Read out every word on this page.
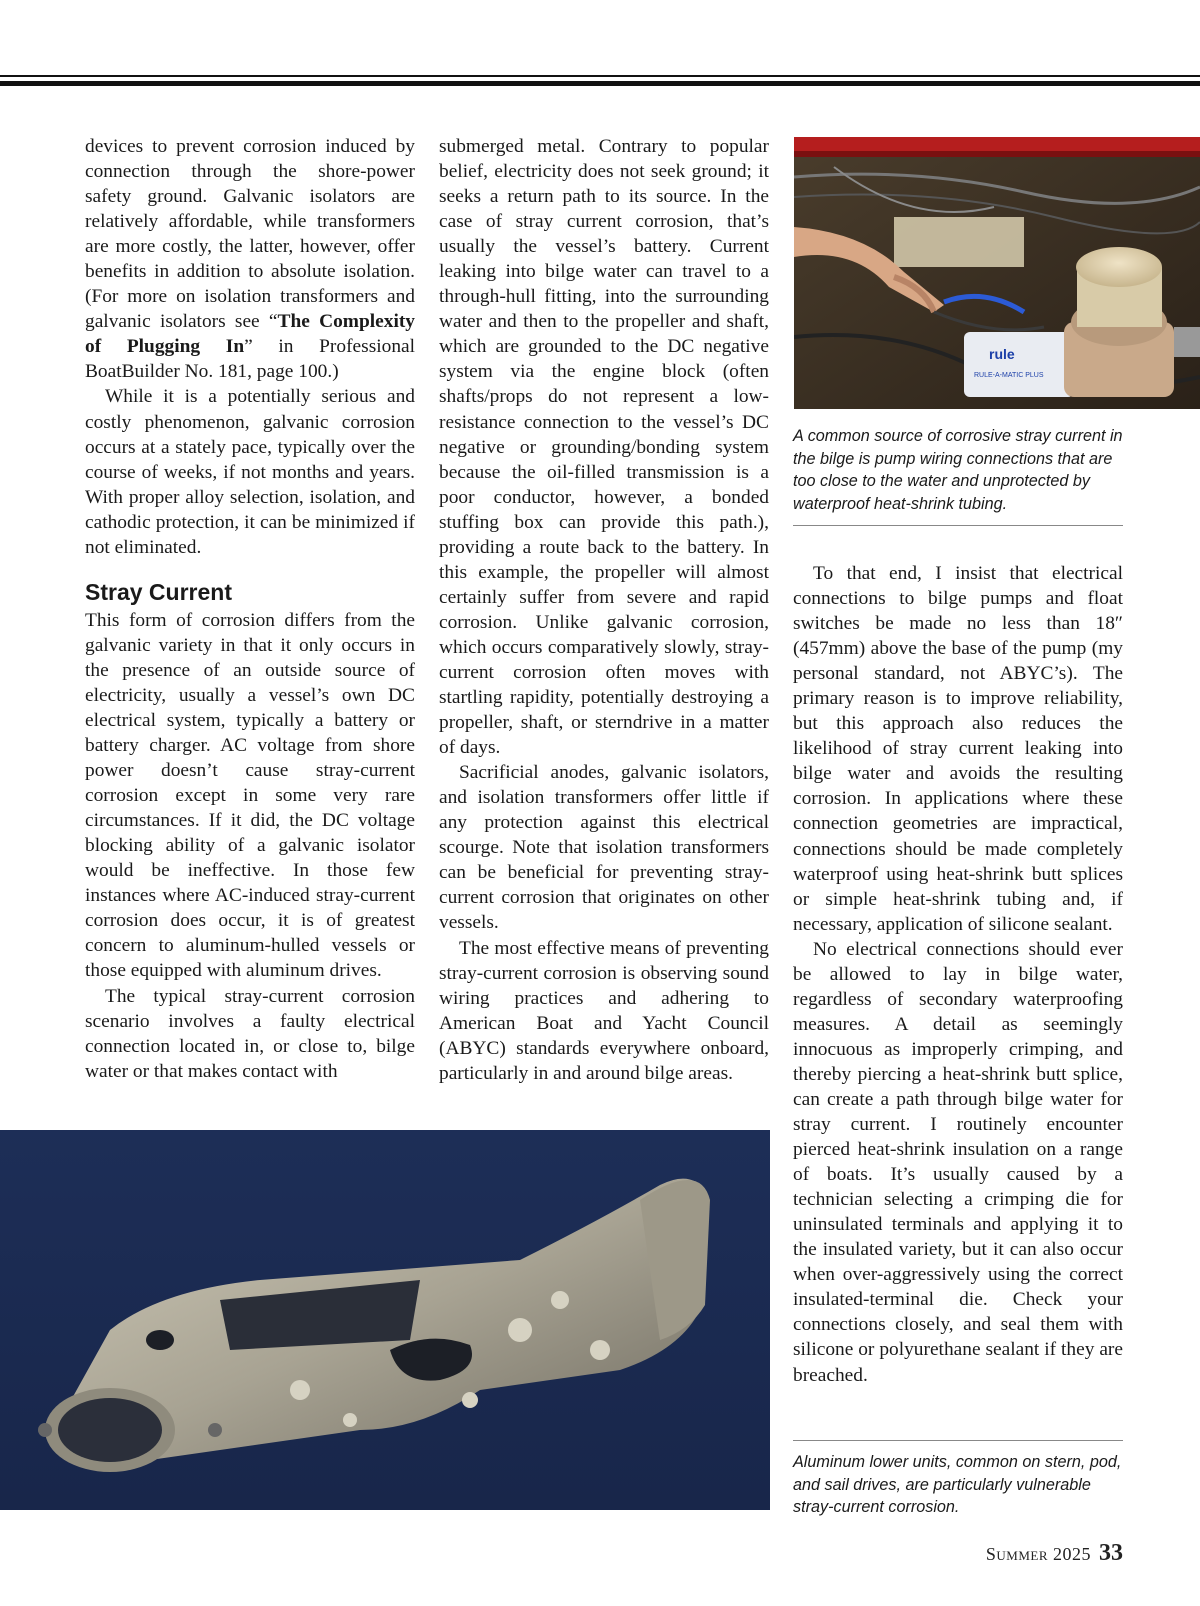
devices to prevent corrosion induced by connection through the shore-power safety ground. Galvanic isolators are relatively affordable, while transformers are more costly, the latter, however, offer benefits in addition to absolute isolation. (For more on isolation transformers and galvanic isolators see “The Complexity of Plugging In” in Professional BoatBuilder No. 181, page 100.)

While it is a potentially serious and costly phenomenon, galvanic corrosion occurs at a stately pace, typically over the course of weeks, if not months and years. With proper alloy selection, isolation, and cathodic protection, it can be minimized if not eliminated.

Stray Current

This form of corrosion differs from the galvanic variety in that it only occurs in the presence of an outside source of electricity, usually a vessel’s own DC electrical system, typically a battery or battery charger. AC voltage from shore power doesn’t cause stray-current corrosion except in some very rare circumstances. If it did, the DC voltage blocking ability of a galvanic isolator would be ineffective. In those few instances where AC-induced stray-current corrosion does occur, it is of greatest concern to aluminum-hulled vessels or those equipped with aluminum drives.

The typical stray-current corrosion scenario involves a faulty electrical connection located in, or close to, bilge water or that makes contact with

submerged metal. Contrary to popular belief, electricity does not seek ground; it seeks a return path to its source. In the case of stray current corrosion, that’s usually the vessel’s battery. Current leaking into bilge water can travel to a through-hull fitting, into the surrounding water and then to the propeller and shaft, which are grounded to the DC negative system via the engine block (often shafts/props do not represent a low-resistance connection to the vessel’s DC negative or grounding/bonding system because the oil-filled transmission is a poor conductor, however, a bonded stuffing box can provide this path.), providing a route back to the battery. In this example, the propeller will almost certainly suffer from severe and rapid corrosion. Unlike galvanic corrosion, which occurs comparatively slowly, stray-current corrosion often moves with startling rapidity, potentially destroying a propeller, shaft, or sterndrive in a matter of days.

Sacrificial anodes, galvanic isolators, and isolation transformers offer little if any protection against this electrical scourge. Note that isolation transformers can be beneficial for preventing stray-current corrosion that originates on other vessels.

The most effective means of preventing stray-current corrosion is observing sound wiring practices and adhering to American Boat and Yacht Council (ABYC) standards everywhere onboard, particularly in and around bilge areas.

rule
RULE-A-MATIC PLUS
A common source of corrosive stray current in the bilge is pump wiring connections that are too close to the water and unprotected by waterproof heat-shrink tubing.

To that end, I insist that electrical connections to bilge pumps and float switches be made no less than 18″ (457mm) above the base of the pump (my personal standard, not ABYC’s). The primary reason is to improve reliability, but this approach also reduces the likelihood of stray current leaking into bilge water and avoids the resulting corrosion. In applications where these connection geometries are impractical, connections should be made completely waterproof using heat-shrink butt splices or simple heat-shrink tubing and, if necessary, application of silicone sealant.

No electrical connections should ever be allowed to lay in bilge water, regardless of secondary waterproofing measures. A detail as seemingly innocuous as improperly crimping, and thereby piercing a heat-shrink butt splice, can create a path through bilge water for stray current. I routinely encounter pierced heat-shrink insulation on a range of boats. It’s usually caused by a technician selecting a crimping die for uninsulated terminals and applying it to the insulated variety, but it can also occur when over-aggressively using the correct insulated-terminal die. Check your connections closely, and seal them with silicone or polyurethane sealant if they are breached.

Aluminum lower units, common on stern, pod, and sail drives, are particularly vulnerable stray-current corrosion.
Summer 2025 33
